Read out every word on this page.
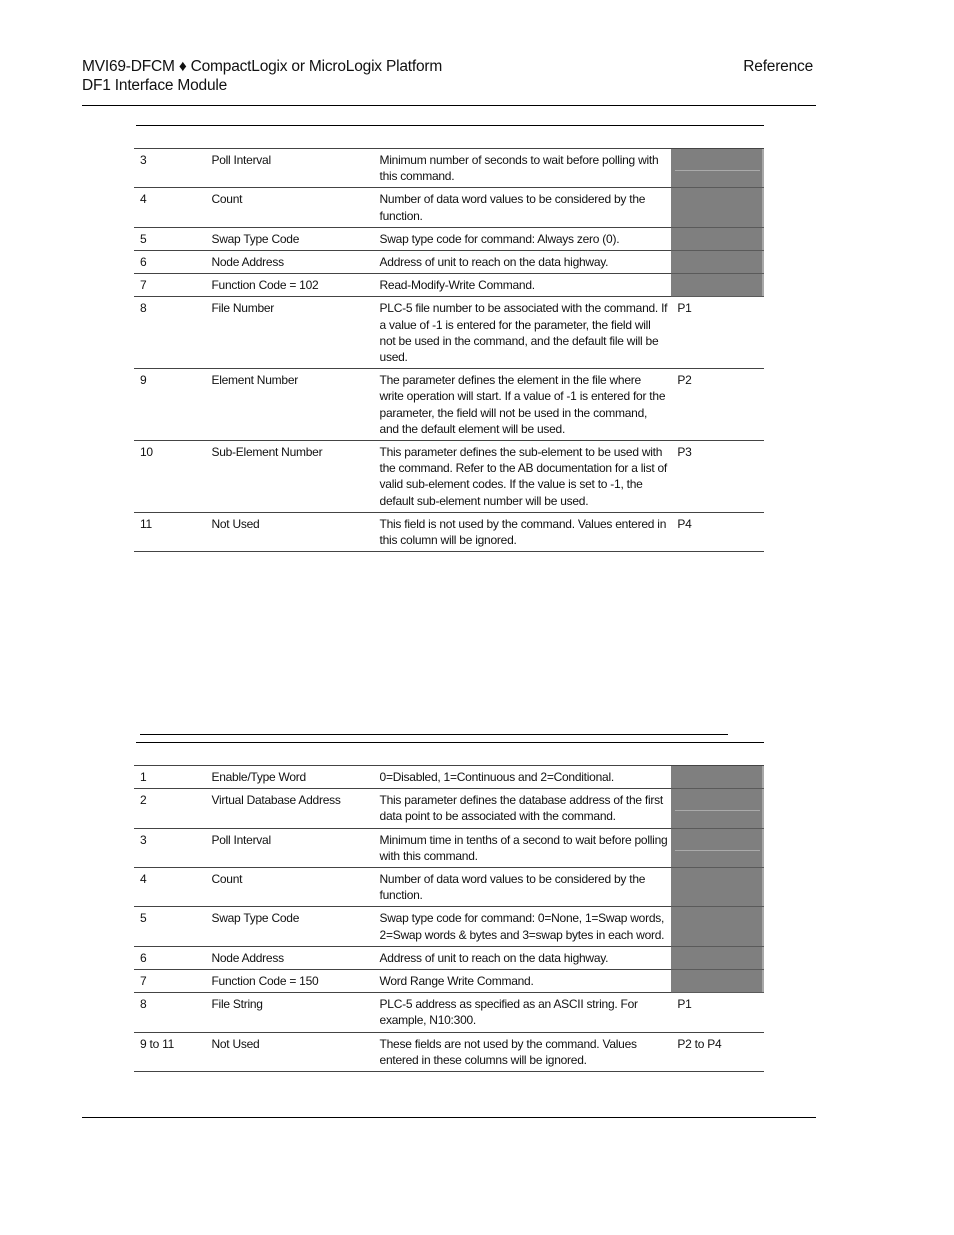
MVI69-DFCM ♦ CompactLogix or MicroLogix Platform
DF1 Interface Module
Reference
3	Poll Interval	Minimum number of seconds to wait before polling with this command.	
4	Count	Number of data word values to be considered by the function.	
5	Swap Type Code	Swap type code for command: Always zero (0).	
6	Node Address	Address of unit to reach on the data highway.	
7	Function Code = 102	Read-Modify-Write Command.	
8	File Number	PLC-5 file number to be associated with the command. If a value of -1 is entered for the parameter, the field will not be used in the command, and the default file will be used.	P1
9	Element Number	The parameter defines the element in the file where write operation will start. If a value of -1 is entered for the parameter, the field will not be used in the command, and the default element will be used.	P2
10	Sub-Element Number	This parameter defines the sub-element to be used with the command. Refer to the AB documentation for a list of valid sub-element codes. If the value is set to -1, the default sub-element number will be used.	P3
11	Not Used	This field is not used by the command. Values entered in this column will be ignored.	P4
1	Enable/Type Word	0=Disabled, 1=Continuous and 2=Conditional.	
2	Virtual Database Address	This parameter defines the database address of the first data point to be associated with the command.	
3	Poll Interval	Minimum time in tenths of a second to wait before polling with this command.	
4	Count	Number of data word values to be considered by the function.	
5	Swap Type Code	Swap type code for command: 0=None, 1=Swap words, 2=Swap words & bytes and 3=swap bytes in each word.	
6	Node Address	Address of unit to reach on the data highway.	
7	Function Code = 150	Word Range Write Command.	
8	File String	PLC-5 address as specified as an ASCII string. For example, N10:300.	P1
9 to 11	Not Used	These fields are not used by the command. Values entered in these columns will be ignored.	P2 to P4
